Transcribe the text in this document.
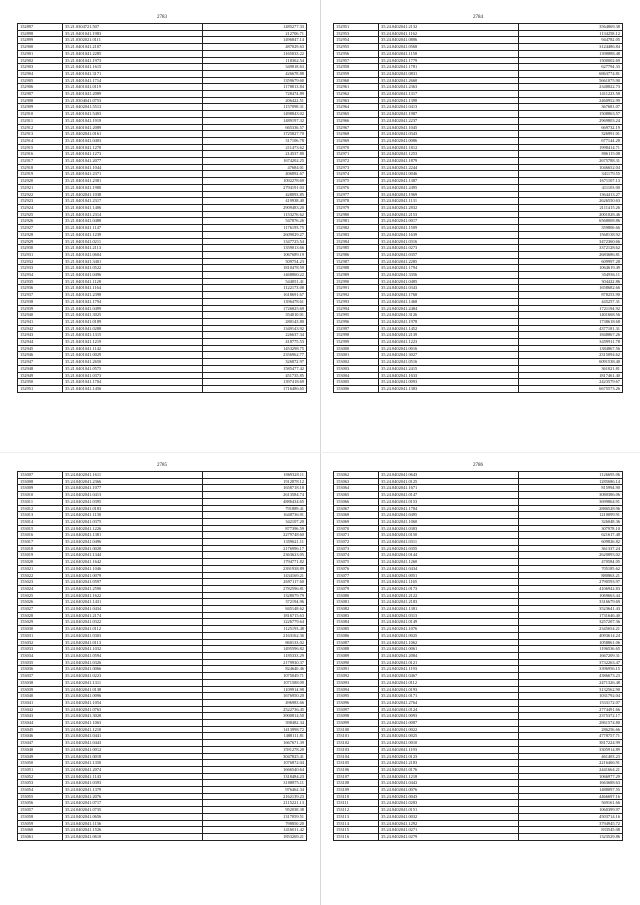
2783
152897	35.21.0304721.507	1485277.33
152898	35.21.0401041.1983	212706.71
152899	35.21.0302021.0111	1496847.14
152900	35.21.0401041.2107	487029.63
152901	35.21.0401041.2285	1165033.22
152902	35.21.0401041.1973	118362.54
152903	35.21.0401041.1615	349818.63
152904	35.21.0401041.3171	426678.88
152905	35.21.0401041.1714	1359679.60
152906	35.21.0401041.0119	1178813.84
152907	35.21.0401041.2089	728474.89
152908	35.21.0304041.0753	206422.51
152909	35.21.0402041.5513	1157098.31
152910	35.21.0401041.5403	1498843.02
152911	35.21.0401041.1919	1489197.32
152912	35.21.0401041.2089	665336.57
152913	35.21.0402041.0161	1725827.70
152914	35.21.0401041.0403	317106.78
152915	35.21.0401041.1270	211473.62
152916	35.21.0401041.1273	214537.80
152917	35.21.0401041.2077	1674202.25
152918	35.21.0401041.1044	47684.01
152919	35.21.0401041.2371	406892.67
152920	35.21.0401041.2381	1092278.69
152921	35.21.0401041.1980	2794191.03
152922	35.21.0402041.1038	428093.85
152923	35.21.0401041.2317	419938.40
152924	35.21.0401041.1406	2909483.20
152925	35.21.0401041.2314	1153276.62
152926	35.21.0401041.0488	547876.26
152927	35.21.0401041.1147	1176193.75
152928	35.21.0401041.1239	2609029.27
152929	35.21.0401041.0211	1347725.54
152930	35.21.0401041.2113	1359013.66
152931	35.21.0401041.0604	1067689.19
152932	35.21.0401041.3401	509754.23
152933	35.21.0401041.0522	1810478.59
152934	35.21.0401041.0496	1468860.22
152935	35.21.0401041.1128	544051.41
152936	35.21.0401041.1164	1122173.08
152937	35.21.0401041.2398	1618691.67
152938	35.21.0401041.1794	1396478.61
152939	35.21.0401041.0499	1726825.69
152940	35.21.0401041.3025	354010.01
152941	35.21.0401041.0189	280143.80
152942	35.21.0401041.0288	1349143.92
152943	35.21.0401041.1315	226637.34
152944	35.21.0401041.1219	418775.53
152945	35.21.0401041.1142	1453298.75
152946	35.21.0401041.0029	2356962.77
152947	35.21.0401041.2650	326872.97
152948	35.21.0401041.0575	1585477.42
152949	35.21.0401041.0373	451735.85
152950	35.21.0401041.1704	1397418.69
152951	35.21.0401041.1456	1716486.65
2784
152951	35.24.0402041.2132	3564869.38
152953	35.24.0402041.1162	1134258.12
152954	35.24.0402041.0806	944782.05
152955	35.24.0402041.0568	3124486.84
152956	35.24.0402041.1158	1398888.48
152957	35.24.0402041.1779	1500002.69
152958	35.24.0402041.1781	627794.33
152959	35.24.0402041.0831	6863774.81
152960	35.24.0402041.2660	5661075.90
152961	35.24.0402041.2363	2348822.73
152962	35.24.0402041.1317	1411223.58
152963	35.24.0402041.1398	2460952.99
152964	35.24.0402041.0413	367681.07
152965	35.24.0402041.1987	1508863.57
152966	35.24.0402041.2237	2969803.24
152967	35.24.0402041.1045	669732.19
152968	35.24.0402041.0343	326991.01
152969	35.24.0402041.0086	677144.28
152970	35.24.0402041.1812	1998414.71
152971	35.24.0402041.1253	806115.08
152972	35.24.0402041.1879	2675788.31
152973	35.24.0402041.2244	1046652.04
152974	35.24.0402041.0046	341179.55
152975	35.24.0402041.1387	1671107.13
152976	35.24.0402041.2495	411103.00
152977	35.24.0402041.1969	1364413.27
152978	35.24.0402041.1131	2626550.63
152979	35.24.0402041.2832	2111415.26
152980	35.24.0402041.2153	2001028.46
152981	35.24.0402041.0017	6568008.86
152982	35.24.0402041.1509	359806.66
152983	35.24.0402041.1639	1568138.92
152984	35.24.0402041.0316	3472360.66
152985	35.24.0402041.0273	3372128.62
152986	35.24.0402041.0357	2683686.81
152987	35.24.0402041.2285	609997.28
152988	35.24.0402041.1794	1064619.49
152989	35.24.0402041.3356	354936.11
152990	35.24.0402041.0485	304422.86
152991	35.24.0402041.0343	1658682.66
152992	35.24.0402041.1768	878253.90
152993	35.24.0402041.1468	445257.31
152994	35.24.0402041.2484	1721194.92
152995	35.24.0402041.3126	1401668.56
152996	35.24.0402041.1978	1738618.68
152997	35.24.0402041.1452	4377181.31
152998	35.24.0402041.2139	1848867.26
152999	35.24.0402041.1223	3459911.78
153000	35.24.0402041.0016	1384867.56
153001	35.24.0402041.3027	2315094.62
153002	35.24.0402041.0516	6091538.40
153003	35.24.0402041.2415	361021.81
153004	35.24.0402041.1633	1817461.40
153005	35.24.0402041.0093	2423579.67
153006	35.24.0402041.1383	6675573.26
2785
153007	35.24.0402041.1611	1869328.11
153008	35.24.0402041.2366	1912878.12
153009	35.24.0402041.1077	1658718.18
153010	35.24.0402041.0413	2613584.74
153011	35.24.0402041.0395	4886434.65
153012	35.24.0402041.0183	791889.41
153013	35.24.0402041.1130	1648736.91
153014	35.24.0402041.0375	342107.20
153015	35.24.0402041.1226	877396.59
153016	35.24.0402041.1381	2279748.60
153017	35.24.0402041.0496	1359621.11
153018	35.24.0402041.0028	2176996.17
153019	35.24.0402041.1344	2363623.05
153020	35.24.0402041.1642	1794771.82
153021	35.24.0402041.1046	2391938.89
153022	35.24.0402041.0079	1434169.21
153023	35.24.0402041.0597	2697117.60
153024	35.24.0402041.2590	2782596.81
153025	35.24.0402041.1622	1328079.79
153026	35.24.0402041.1431	372194.96
153027	35.24.0402041.0434	845148.62
153028	35.24.0402041.2174	1816715.63
153029	35.24.0402041.0322	1226779.64
153030	35.24.0402041.0112	1125193.48
153031	35.24.0402041.0303	2163162.36
153032	35.24.0402041.0113	860133.02
153033	35.24.0402041.1032	1495596.82
153034	35.24.0402041.0594	1185333.29
153035	35.24.0402041.0326	2179930.37
153036	35.24.0402041.0066	824640.46
153037	35.24.0402041.0223	1075049.71
153038	35.24.0402041.1311	1071588.09
153039	35.24.0402041.0138	1109914.98
153040	35.24.0402041.0096	1676950.20
153041	35.24.0402041.1054	496983.66
153042	35.24.0402041.0763	2522736.45
153043	35.24.0402041.3028	3900814.50
153044	35.24.0402041.1063	398482.34
153045	35.24.0402041.1210	1413998.72
153046	35.24.0402041.0441	1488111.81
153047	35.24.0402041.0443	1667671.39
153048	35.24.0402041.0012	1591278.20
153049	35.24.0402041.0018	3047825.41
153050	35.24.0402041.1350	1076872.04
153051	35.24.0402041.2074	1666540.64
153052	35.24.0402041.1143	1318484.23
153053	35.24.0402041.0393	3108875.11
153054	35.24.0402041.1379	976462.34
153055	35.24.0402041.2076	2162139.23
153056	35.24.0402041.0717	2115221.13
153057	35.24.0402041.0735	952038.38
153058	35.24.0402041.0656	1317059.51
153059	35.24.0402041.1136	798850.20
153060	35.24.0402041.1526	1416011.42
153061	35.24.0402041.0610	1853269.21
2786
153062	35.24.0402041.0643	1126695.06
153063	35.24.0402041.0125	1285686.14
153064	35.24.0402041.1671	815994.90
153065	35.24.0402041.0147	3080386.06
153066	35.24.0402041.0153	3699864.91
153067	35.24.0402041.1784	2886528.96
153068	35.24.0402041.0495	1210099.91
153069	35.24.0402041.1060	326048.36
153070	35.24.0402041.0303	307978.10
153071	35.24.0402041.0150	621617.48
153072	35.24.0402041.0311	609826.82
153073	35.24.0402041.0355	361337.24
153074	35.24.0402041.0144	2620893.02
153075	35.24.0402041.1260	470584.05
153076	35.24.0402041.0434	705185.62
153077	35.24.0402041.0051	880863.21
153078	35.24.0402041.1165	2790593.97
153079	35.24.0402041.0173	4106942.83
153080	35.24.0402041.2122	1069663.44
153081	35.24.0402041.2183	3316679.69
153082	35.24.0402041.1381	3523641.43
153083	35.24.0402041.0313	1731646.40
153084	35.24.0402041.0149	3257207.36
153085	35.24.0402041.1076	2345654.21
153086	35.24.0402041.0025	4093614.24
153087	35.24.0402041.1062	1058861.06
153088	35.24.0402041.0061	1196536.65
153089	35.24.0402041.2084	1667209.31
153090	35.24.0402041.0121	3732263.47
153091	35.24.0402041.1193	3396956.15
153092	35.24.0402041.0467	4386673.23
153093	35.24.0402041.0112	2471326.48
153094	35.24.0402041.0193	3132562.90
153095	35.24.0402041.0171	1031792.04
153096	35.24.0402041.2764	1533172.07
153097	35.24.0402041.0124	2774491.66
153098	35.24.0402041.0093	2375372.17
153099	35.24.0402041.0087	2861574.80
153100	35.24.0402041.0022	286256.66
153101	35.24.0402041.0025	4778757.71
153102	35.24.0402041.0010	3817224.99
153103	35.24.0402041.1193	3305914.89
153104	35.24.0402041.0123	461403.23
153105	35.24.0402041.2183	2216466.91
153106	35.24.0402041.0176	2441664.21
153107	35.24.0402041.1218	1066977.29
153108	35.24.0402041.0443	1663688.63
153109	35.24.0402041.0076	1488097.55
153110	35.24.0402041.0043	4466697.16
153111	35.24.0402041.0283	569161.66
153112	35.24.0402041.0151	1060399.97
153113	35.24.0402041.0032	4503714.16
153114	35.24.0402041.1292	3794945.72
153115	35.24.0402041.0271	833545.08
153116	35.24.0402041.0279	1323529.86
